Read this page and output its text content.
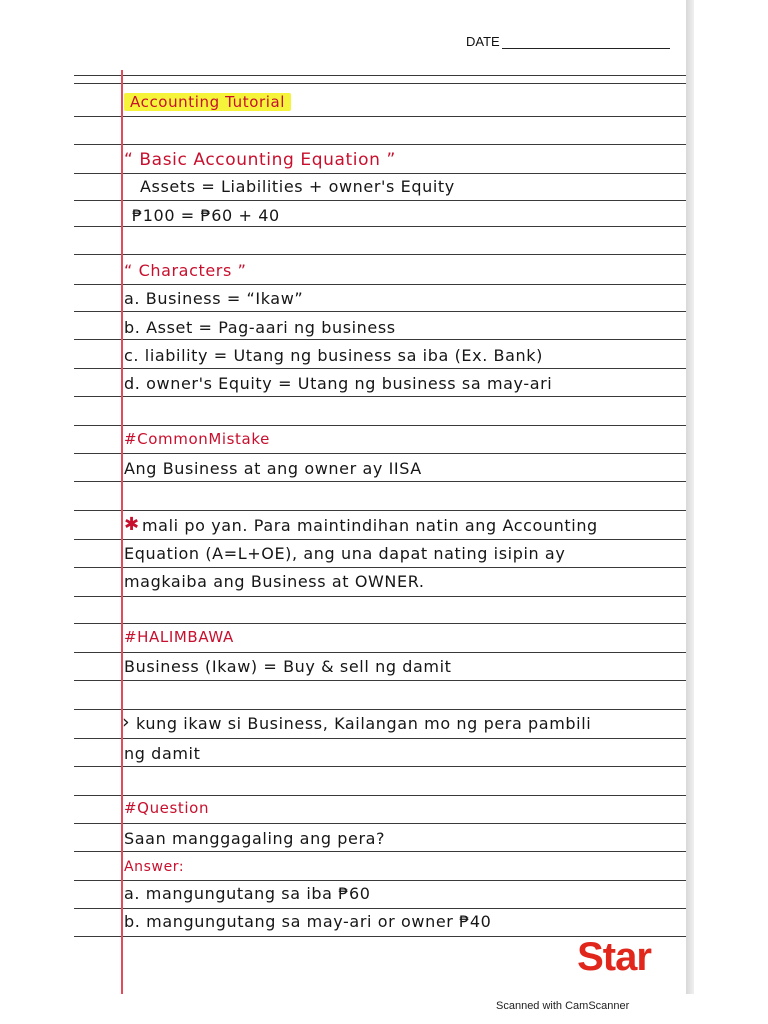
DATE
Accounting Tutorial
“ Basic Accounting Equation ”
Assets = Liabilities + owner's Equity
₱100 = ₱60 + 40
“ Characters ”
a. Business = “Ikaw”
b. Asset = Pag-aari ng business
c. liability = Utang ng business sa iba (Ex. Bank)
d. owner's Equity = Utang ng business sa may-ari
#CommonMistake
Ang Business at ang owner ay IISA
✱ mali po yan. Para maintindihan natin ang Accounting
Equation (A=L+OE), ang una dapat nating isipin ay
magkaiba ang Business at OWNER.
#HALIMBAWA
Business (Ikaw) = Buy & sell ng damit
› kung ikaw si Business, Kailangan mo ng pera pambili
ng damit
#Question
Saan manggagaling ang pera?
Answer:
a. mangungutang sa iba ₱60
b. mangungutang sa may-ari or owner ₱40
Star
Scanned with CamScanner
